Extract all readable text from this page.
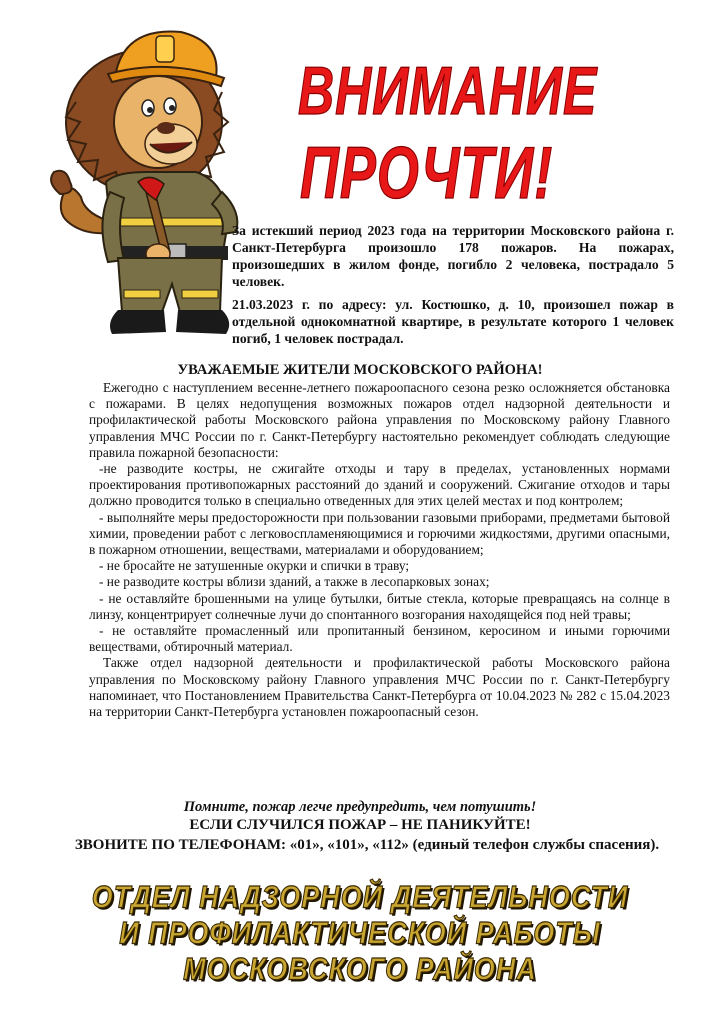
ВНИМАНИЕ
ПРОЧТИ!
За истекший период 2023 года на территории Московского района г. Санкт-Петербурга произошло 178 пожаров. На пожарах, произошедших в жилом фонде, погибло 2 человека, пострадало 5 человек.
21.03.2023 г. по адресу: ул. Костюшко, д. 10, произошел пожар в отдельной однокомнатной квартире, в результате которого 1 человек погиб, 1 человек пострадал.
УВАЖАЕМЫЕ ЖИТЕЛИ МОСКОВСКОГО РАЙОНА!

Ежегодно с наступлением весенне-летнего пожароопасного сезона резко осложняется обстановка с пожарами. В целях недопущения возможных пожаров отдел надзорной деятельности и профилактической работы Московского района управления по Московскому району Главного управления МЧС России по г. Санкт-Петербургу настоятельно рекомендует соблюдать следующие правила пожарной безопасности:

-не разводите костры, не сжигайте отходы и тару в пределах, установленных нормами проектирования противопожарных расстояний до зданий и сооружений. Сжигание отходов и тары должно проводится только в специально отведенных для этих целей местах и под контролем;

- выполняйте меры предосторожности при пользовании газовыми приборами, предметами бытовой химии, проведении работ с легковоспламеняющимися и горючими жидкостями, другими опасными, в пожарном отношении, веществами, материалами и оборудованием;

- не бросайте не затушенные окурки и спички в траву;

- не разводите костры вблизи зданий, а также в лесопарковых зонах;

- не оставляйте брошенными на улице бутылки, битые стекла, которые превращаясь на солнце в линзу, концентрирует солнечные лучи до спонтанного возгорания находящейся под ней травы;

- не оставляйте промасленный или пропитанный бензином, керосином и иными горючими веществами, обтирочный материал.

Также отдел надзорной деятельности и профилактической работы Московского района управления по Московскому району Главного управления МЧС России по г. Санкт-Петербургу напоминает, что Постановлением Правительства Санкт-Петербурга от 10.04.2023 № 282 с 15.04.2023 на территории Санкт-Петербурга установлен пожароопасный сезон.

Помните, пожар легче предупредить, чем потушить!
ЕСЛИ СЛУЧИЛСЯ ПОЖАР – НЕ ПАНИКУЙТЕ!
ЗВОНИТЕ ПО ТЕЛЕФОНАМ: «01», «101», «112» (единый телефон службы спасения).
ОТДЕЛ НАДЗОРНОЙ ДЕЯТЕЛЬНОСТИ
И ПРОФИЛАКТИЧЕСКОЙ РАБОТЫ
МОСКОВСКОГО РАЙОНА
